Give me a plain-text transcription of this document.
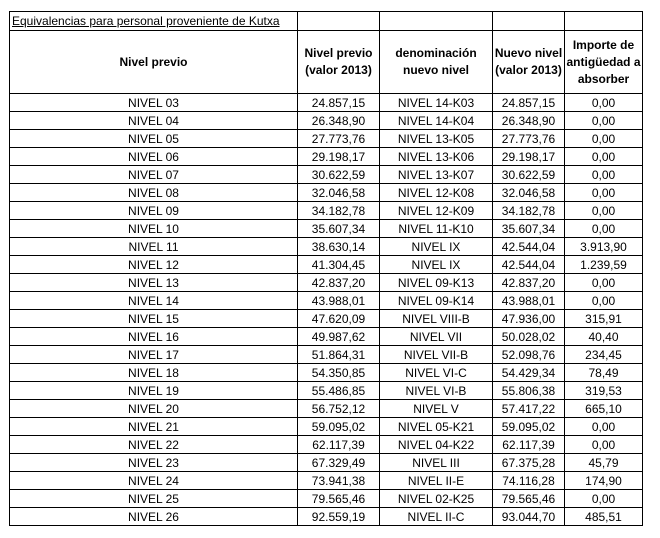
Equivalencias para personal proveniente de Kutxa				
Nivel previo	Nivel previo (valor 2013)	denominación nuevo nivel	Nuevo nivel (valor 2013)	Importe de antigüedad a absorber
NIVEL 03	24.857,15	NIVEL 14-K03	24.857,15	0,00
NIVEL 04	26.348,90	NIVEL 14-K04	26.348,90	0,00
NIVEL 05	27.773,76	NIVEL 13-K05	27.773,76	0,00
NIVEL 06	29.198,17	NIVEL 13-K06	29.198,17	0,00
NIVEL 07	30.622,59	NIVEL 13-K07	30.622,59	0,00
NIVEL 08	32.046,58	NIVEL 12-K08	32.046,58	0,00
NIVEL 09	34.182,78	NIVEL 12-K09	34.182,78	0,00
NIVEL 10	35.607,34	NIVEL 11-K10	35.607,34	0,00
NIVEL 11	38.630,14	NIVEL IX	42.544,04	3.913,90
NIVEL 12	41.304,45	NIVEL IX	42.544,04	1.239,59
NIVEL 13	42.837,20	NIVEL 09-K13	42.837,20	0,00
NIVEL 14	43.988,01	NIVEL 09-K14	43.988,01	0,00
NIVEL 15	47.620,09	NIVEL VIII-B	47.936,00	315,91
NIVEL 16	49.987,62	NIVEL VII	50.028,02	40,40
NIVEL 17	51.864,31	NIVEL VII-B	52.098,76	234,45
NIVEL 18	54.350,85	NIVEL VI-C	54.429,34	78,49
NIVEL 19	55.486,85	NIVEL VI-B	55.806,38	319,53
NIVEL 20	56.752,12	NIVEL V	57.417,22	665,10
NIVEL 21	59.095,02	NIVEL 05-K21	59.095,02	0,00
NIVEL 22	62.117,39	NIVEL 04-K22	62.117,39	0,00
NIVEL 23	67.329,49	NIVEL III	67.375,28	45,79
NIVEL 24	73.941,38	NIVEL II-E	74.116,28	174,90
NIVEL 25	79.565,46	NIVEL 02-K25	79.565,46	0,00
NIVEL 26	92.559,19	NIVEL II-C	93.044,70	485,51
